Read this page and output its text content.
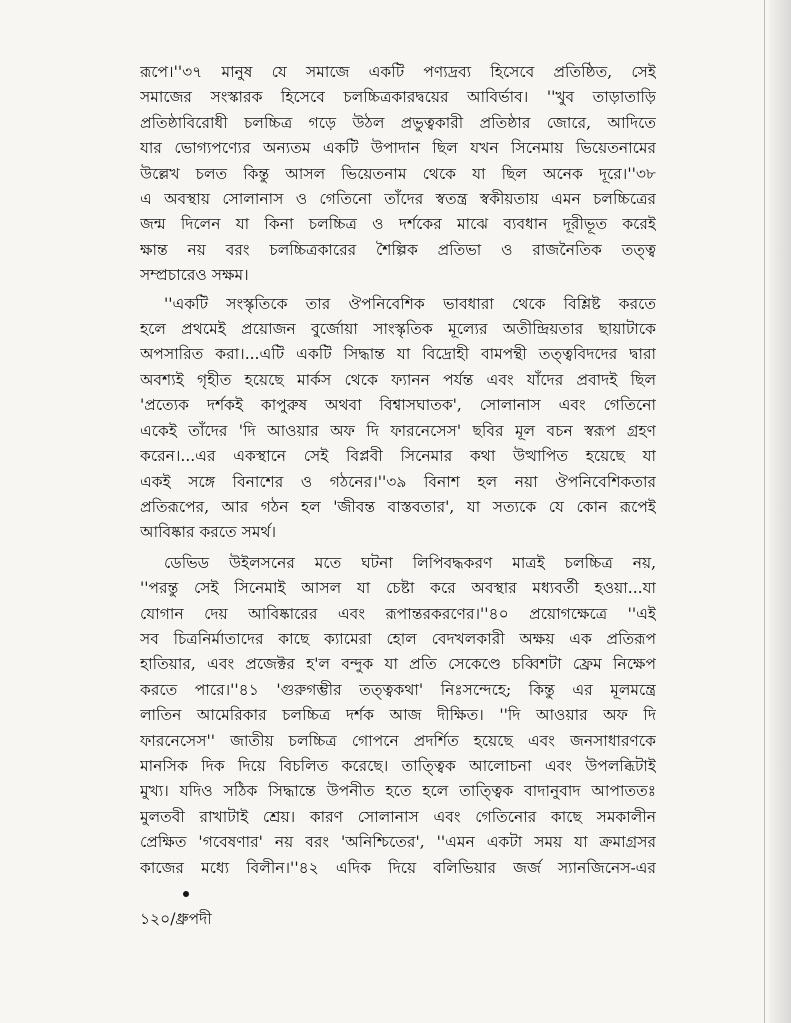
রূপে।''৩৭ মানুষ যে সমাজে একটি পণ্যদ্রব্য হিসেবে প্রতিষ্ঠিত, সেই
সমাজের সংস্কারক হিসেবে চলচ্চিত্রকারদ্বয়ের আবির্ভাব। ''খুব তাড়াতাড়ি
প্রতিষ্ঠাবিরোধী চলচ্চিত্র গড়ে উঠল প্রভুত্বকারী প্রতিষ্ঠার জোরে, আদিতে
যার ভোগ্যপণ্যের অন্যতম একটি উপাদান ছিল যখন সিনেমায় ভিয়েতনামের
উল্লেখ চলত কিন্তু আসল ভিয়েতনাম থেকে যা ছিল অনেক দূরে।''৩৮
এ অবস্থায় সোলানাস ও গেতিনো তাঁদের স্বতন্ত্র স্বকীয়তায় এমন চলচ্চিত্রের
জন্ম দিলেন যা কিনা চলচ্চিত্র ও দর্শকের মাঝে ব্যবধান দূরীভূত করেই
ক্ষান্ত নয় বরং চলচ্চিত্রকারের শৈল্পিক প্রতিভা ও রাজনৈতিক তত্ত্ব
সম্প্রচারেও সক্ষম।

''একটি সংস্কৃতিকে তার ঔপনিবেশিক ভাবধারা থেকে বিশ্লিষ্ট করতে
হলে প্রথমেই প্রয়োজন বুর্জোয়া সাংস্কৃতিক মূল্যের অতীন্দ্রিয়তার ছায়াটাকে
অপসারিত করা।...এটি একটি সিদ্ধান্ত যা বিদ্রোহী বামপন্থী তত্ত্ববিদদের দ্বারা
অবশ্যই গৃহীত হয়েছে মার্কস থেকে ফ্যানন পর্যন্ত এবং যাঁদের প্রবাদই ছিল
'প্রত্যেক দর্শকই কাপুরুষ অথবা বিশ্বাসঘাতক', সোলানাস এবং গেতিনো
একেই তাঁদের 'দি আওয়ার অফ দি ফারনেসেস' ছবির মূল বচন স্বরূপ গ্রহণ
করেন।...এর একস্থানে সেই বিপ্লবী সিনেমার কথা উত্থাপিত হয়েছে যা
একই সঙ্গে বিনাশের ও গঠনের।''৩৯ বিনাশ হল নয়া ঔপনিবেশিকতার
প্রতিরূপের, আর গঠন হল 'জীবন্ত বাস্তবতার', যা সত্যকে যে কোন রূপেই
আবিষ্কার করতে সমর্থ।

ডেভিড উইলসনের মতে ঘটনা লিপিবদ্ধকরণ মাত্রই চলচ্চিত্র নয়,
''পরন্তু সেই সিনেমাই আসল যা চেষ্টা করে অবস্থার মধ্যবর্তী হওয়া...যা
যোগান দেয় আবিষ্কারের এবং রূপান্তরকরণের।''৪০ প্রয়োগক্ষেত্রে ''এই
সব চিত্রনির্মাতাদের কাছে ক্যামেরা হোল বেদখলকারী অক্ষয় এক প্রতিরূপ
হাতিয়ার, এবং প্রজেক্টর হ'ল বন্দুক যা প্রতি সেকেণ্ডে চব্বিশটা ফ্রেম নিক্ষেপ
করতে পারে।''৪১ 'গুরুগম্ভীর তত্ত্বকথা' নিঃসন্দেহে; কিন্তু এর মূলমন্ত্রে
লাতিন আমেরিকার চলচ্চিত্র দর্শক আজ দীক্ষিত। ''দি আওয়ার অফ দি
ফারনেসেস'' জাতীয় চলচ্চিত্র গোপনে প্রদর্শিত হয়েছে এবং জনসাধারণকে
মানসিক দিক দিয়ে বিচলিত করেছে। তাত্ত্বিক আলোচনা এবং উপলব্ধিটাই
মুখ্য। যদিও সঠিক সিদ্ধান্তে উপনীত হতে হলে তাত্ত্বিক বাদানুবাদ আপাততঃ
মুলতবী রাখাটাই শ্রেয়। কারণ সোলানাস এবং গেতিনোর কাছে সমকালীন
প্রেক্ষিত 'গবেষণার' নয় বরং 'অনিশ্চিতের', ''এমন একটা সময় যা ক্রমাগ্রসর
কাজের মধ্যে বিলীন।''৪২ এদিক দিয়ে বলিভিয়ার জর্জ স্যানজিনেস-এর

১২০/ধ্রুপদী
